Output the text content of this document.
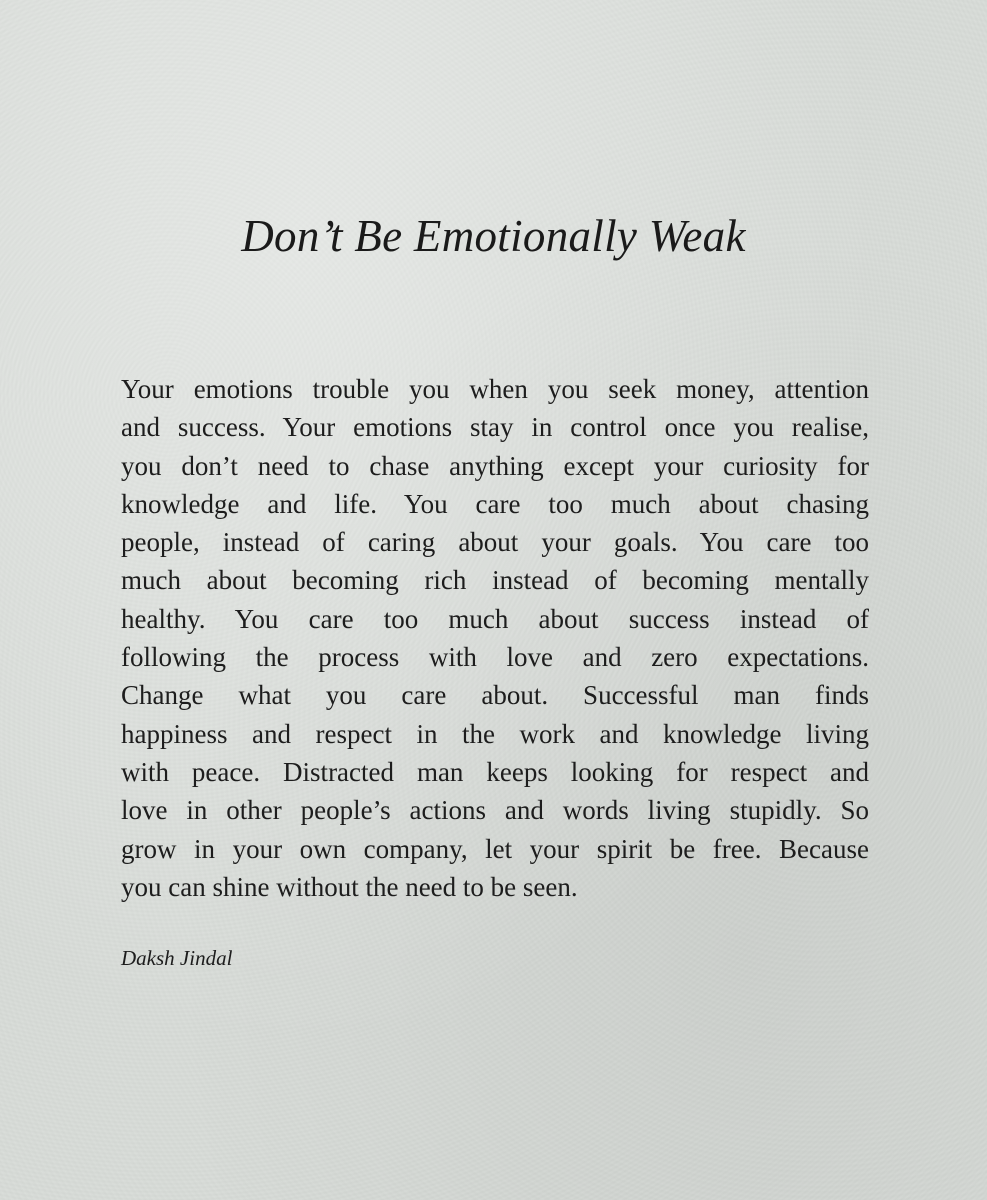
Don’t Be Emotionally Weak
Your emotions trouble you when you seek money, attention
and success. Your emotions stay in control once you realise,
you don’t need to chase anything except your curiosity for
knowledge and life. You care too much about chasing
people, instead of caring about your goals. You care too
much about becoming rich instead of becoming mentally
healthy. You care too much about success instead of
following the process with love and zero expectations.
Change what you care about. Successful man finds
happiness and respect in the work and knowledge living
with peace. Distracted man keeps looking for respect and
love in other people’s actions and words living stupidly. So
grow in your own company, let your spirit be free. Because
you can shine without the need to be seen.

Daksh Jindal
